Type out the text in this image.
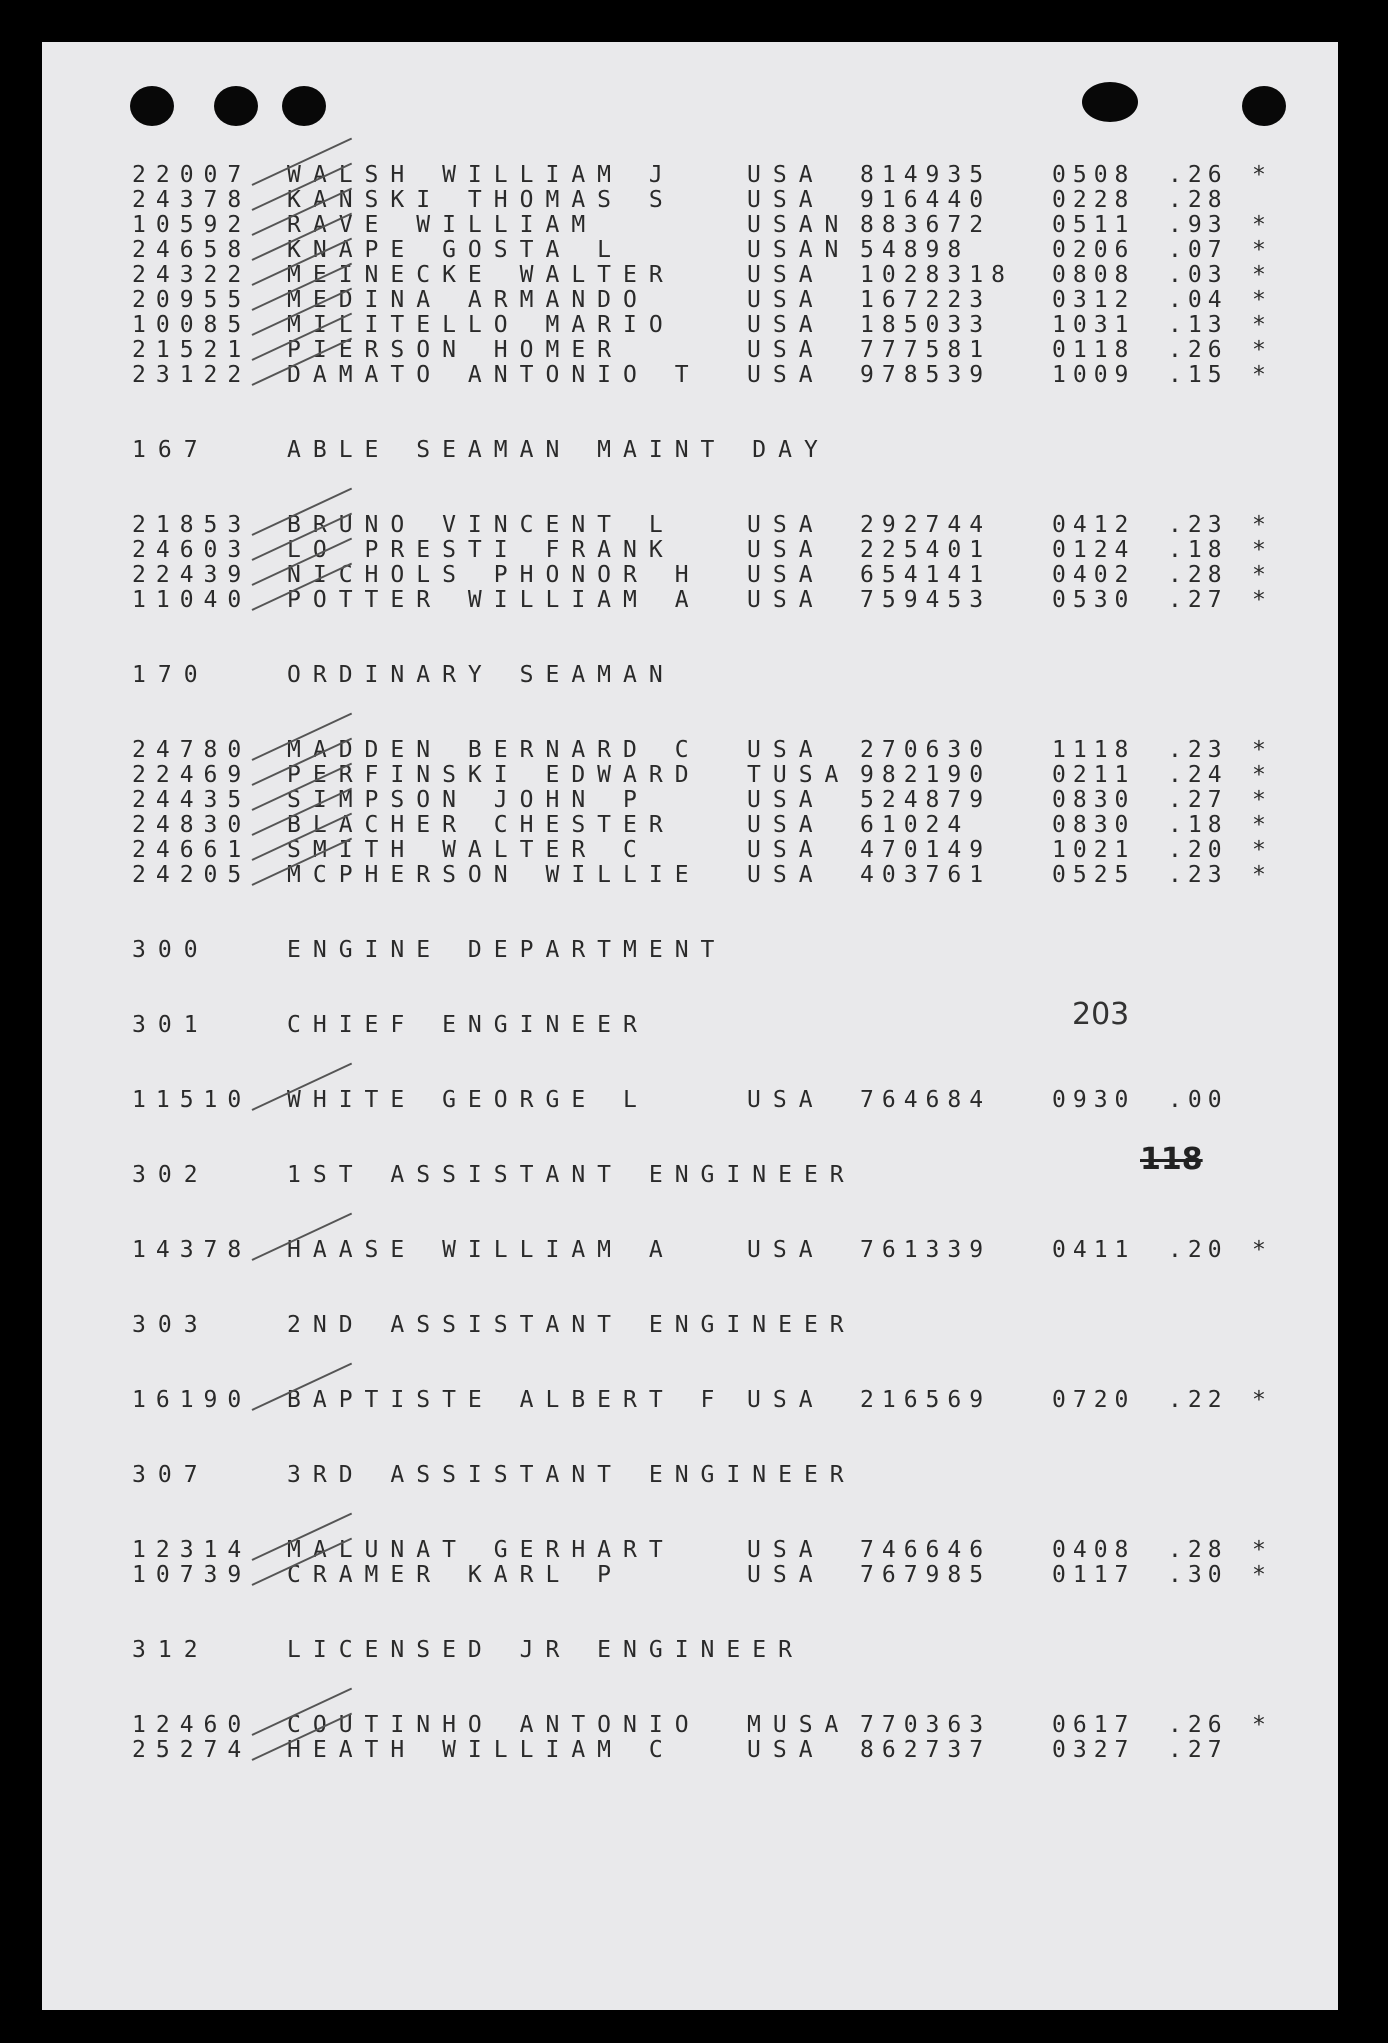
22007 WALSH WILLIAM J	USA 814935	0508 .26 *
24378 KANSKI THOMAS S	USA 916440	0228 .28
10592 RAVE WILLIAM	USAN 883672	0511 .93 *
24658 KNAPE GOSTA L	USAN 54898	0206 .07 *
24322 MEINECKE WALTER	USA 1028318 0808 .03 *
20955 MEDINA ARMANDO	USA 167223	0312 .04 *
10085 MILITELLO MARIO	USA 185033	1031 .13 *
21521 PIERSON HOMER	USA 777581	0118 .26 *
23122 DAMATO ANTONIO T USA 978539	1009 .15 *
167	ABLE SEAMAN MAINT DAY
21853 BRUNO VINCENT L	USA 292744	0412 .23 *
24603 LO PRESTI FRANK	USA 225401	0124 .18 *
22439 NICHOLS PHONOR H USA 654141	0402 .28 *
11040 POTTER WILLIAM A USA 759453	0530 .27 *
170	ORDINARY SEAMAN
24780 MADDEN BERNARD C USA 270630	1118 .23 *
22469 PERFINSKI EDWARD TUSA 982190	0211 .24 *
24435 SIMPSON JOHN P	USA 524879	0830 .27 *
24830 BLACHER CHESTER	USA 61024	0830 .18 *
24661 SMITH WALTER C	USA 470149	1021 .20 *
24205 MCPHERSON WILLIE USA 403761	0525 .23 *
300	ENGINE DEPARTMENT
301	CHIEF ENGINEER
11510 WHITE GEORGE L	USA 764684	0930 .00
302	1ST ASSISTANT ENGINEER
14378 HAASE WILLIAM A	USA 761339	0411 .20 *
303	2ND ASSISTANT ENGINEER
16190 BAPTISTE ALBERT F USA 216569	0720 .22 *
307	3RD ASSISTANT ENGINEER
12314 MALUNAT GERHART	USA 746646	0408 .28 *
10739 CRAMER KARL P	USA 767985	0117 .30 *
312	LICENSED JR ENGINEER
12460 COUTINHO ANTONIO MUSA 770363	0617 .26 *
25274 HEATH WILLIAM C	USA 862737	0327 .27
203
118
